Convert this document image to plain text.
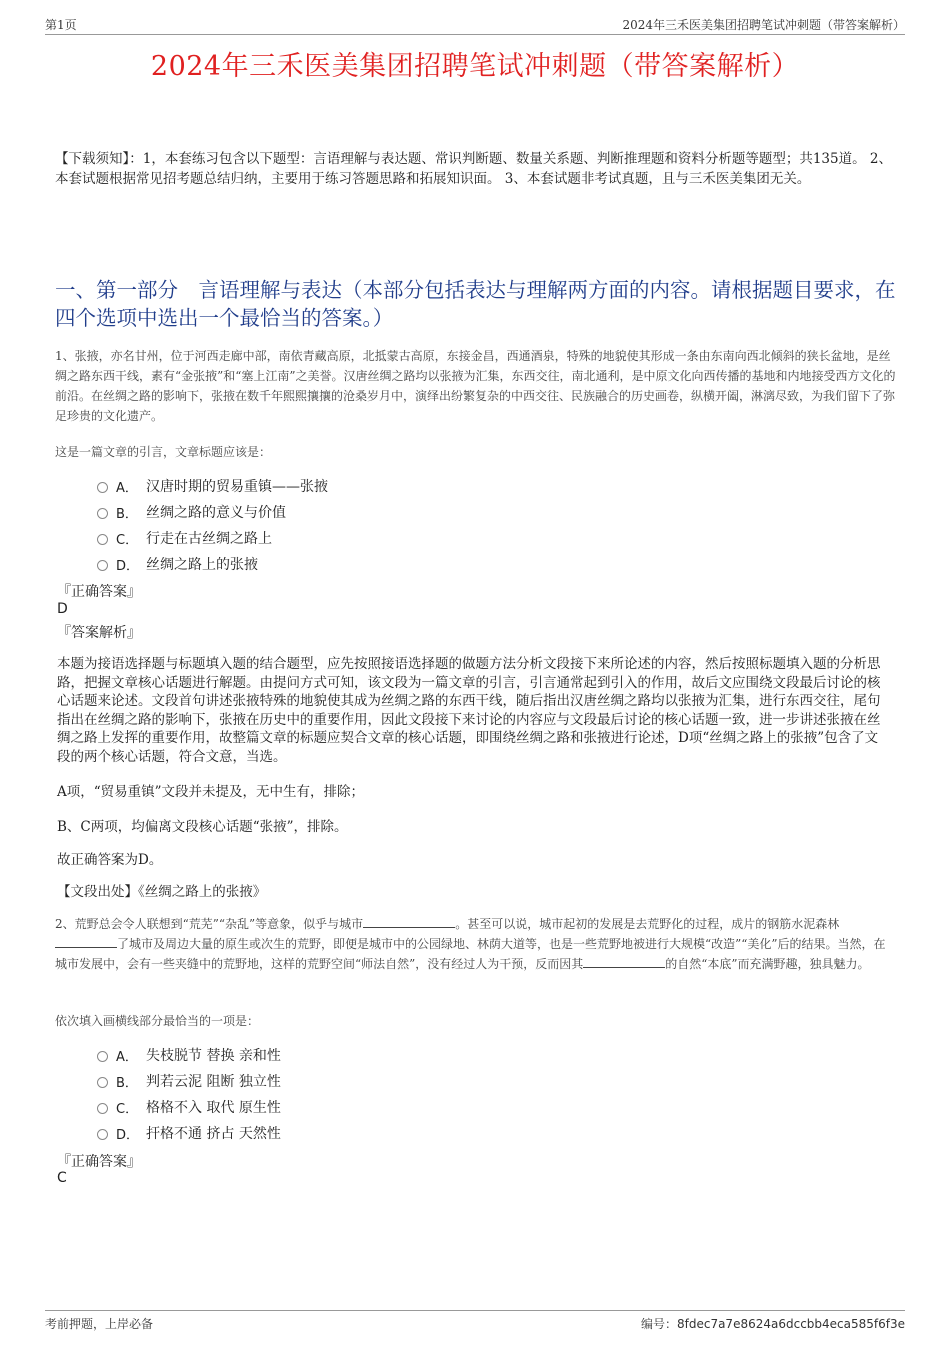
第1页	2024年三禾医美集团招聘笔试冲刺题（带答案解析）
2024年三禾医美集团招聘笔试冲刺题（带答案解析）
【下载须知】：1，本套练习包含以下题型：言语理解与表达题、常识判断题、数量关系题、判断推理题和资料分析题等题型；共135道。 2、本套试题根据常见招考题总结归纳，主要用于练习答题思路和拓展知识面。 3、本套试题非考试真题，且与三禾医美集团无关。
一、第一部分　言语理解与表达（本部分包括表达与理解两方面的内容。请根据题目要求，在四个选项中选出一个最恰当的答案。）
1、张掖，亦名甘州，位于河西走廊中部，南依青藏高原，北抵蒙古高原，东接金昌，西通酒泉，特殊的地貌使其形成一条由东南向西北倾斜的狭长盆地，是丝绸之路东西干线，素有“金张掖”和“塞上江南”之美誉。汉唐丝绸之路均以张掖为汇集，东西交往，南北通利，是中原文化向西传播的基地和内地接受西方文化的前沿。在丝绸之路的影响下，张掖在数千年熙熙攘攘的沧桑岁月中，演绎出纷繁复杂的中西交往、民族融合的历史画卷，纵横开阖，淋漓尽致，为我们留下了弥足珍贵的文化遗产。
这是一篇文章的引言，文章标题应该是：
A． 汉唐时期的贸易重镇——张掖
B． 丝绸之路的意义与价值
C． 行走在古丝绸之路上
D． 丝绸之路上的张掖
『正确答案』
D
『答案解析』
本题为接语选择题与标题填入题的结合题型，应先按照接语选择题的做题方法分析文段接下来所论述的内容，然后按照标题填入题的分析思路，把握文章核心话题进行解题。由提问方式可知，该文段为一篇文章的引言，引言通常起到引入的作用，故后文应围绕文段最后讨论的核心话题来论述。文段首句讲述张掖特殊的地貌使其成为丝绸之路的东西干线，随后指出汉唐丝绸之路均以张掖为汇集，进行东西交往，尾句指出在丝绸之路的影响下，张掖在历史中的重要作用，因此文段接下来讨论的内容应与文段最后讨论的核心话题一致，进一步讲述张掖在丝绸之路上发挥的重要作用，故整篇文章的标题应契合文章的核心话题，即围绕丝绸之路和张掖进行论述，D项“丝绸之路上的张掖”包含了文段的两个核心话题，符合文意，当选。
A项，“贸易重镇”文段并未提及，无中生有，排除；
B、C两项，均偏离文段核心话题“张掖”，排除。
故正确答案为D。
【文段出处】《丝绸之路上的张掖》
2、荒野总会令人联想到“荒芜”“杂乱”等意象，似乎与城市	。甚至可以说，城市起初的发展是去荒野化的过程，成片的钢筋水泥森林了城市及周边大量的原生或次生的荒野，即便是城市中的公园绿地、林荫大道等，也是一些荒野地被进行大规模“改造”“美化”后的结果。当然，在城市发展中，会有一些夹缝中的荒野地，这样的荒野空间“师法自然”，没有经过人为干预，反而因其	的自然“本底”而充满野趣，独具魅力。
依次填入画横线部分最恰当的一项是：
A． 失枝脱节 替换 亲和性
B． 判若云泥 阻断 独立性
C． 格格不入 取代 原生性
D． 扞格不通 挤占 天然性
『正确答案』
C
考前押题，上岸必备	编号：8fdec7a7e8624a6dccbb4eca585f6f3e
